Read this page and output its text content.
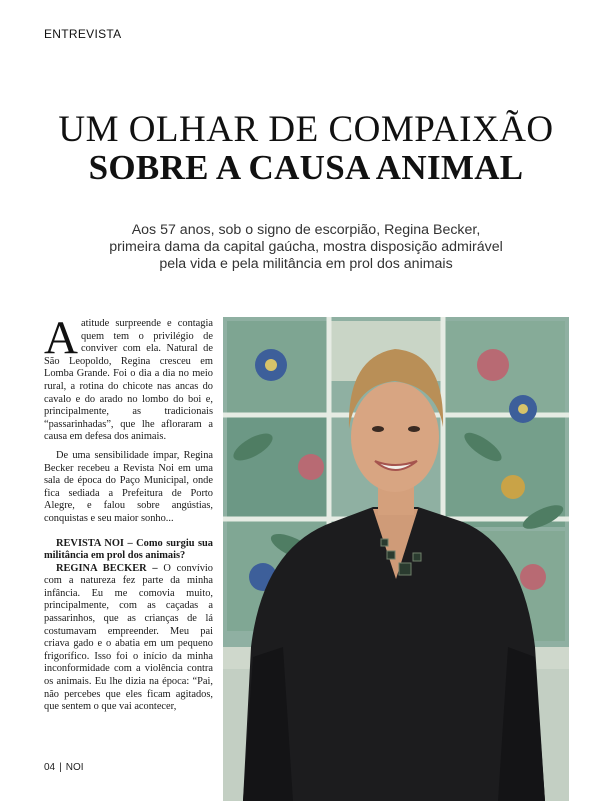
ENTREVISTA
UM OLHAR DE COMPAIXÃO
SOBRE A CAUSA ANIMAL
Aos 57 anos, sob o signo de escorpião, Regina Becker,
primeira dama da capital gaúcha, mostra disposição admirável
pela vida e pela militância em prol dos animais

A atitude surpreende e contagia quem tem o privilégio de conviver com ela. Natural de São Leopoldo, Regina cresceu em Lomba Grande. Foi o dia a dia no meio rural, a rotina do chicote nas ancas do cavalo e do arado no lombo do boi e, principalmente, as tradicionais “passarinhadas”, que lhe afloraram a causa em defesa dos animais.

De uma sensibilidade ímpar, Regina Becker recebeu a Revista Noi em uma sala de época do Paço Municipal, onde fica sediada a Prefeitura de Porto Alegre, e falou sobre angústias, conquistas e seu maior sonho...

REVISTA NOI – Como surgiu sua militância em prol dos animais?

REGINA BECKER – O convívio com a natureza fez parte da minha infância. Eu me comovia muito, principalmente, com as caçadas a passarinhos, que as crianças de lá costumavam empreender. Meu pai criava gado e o abatia em um pequeno frigorífico. Isso foi o início da minha inconformidade com a violência contra os animais. Eu lhe dizia na época: “Pai, não percebes que eles ficam agitados, que sentem o que vai acontecer,

04 | NOI
